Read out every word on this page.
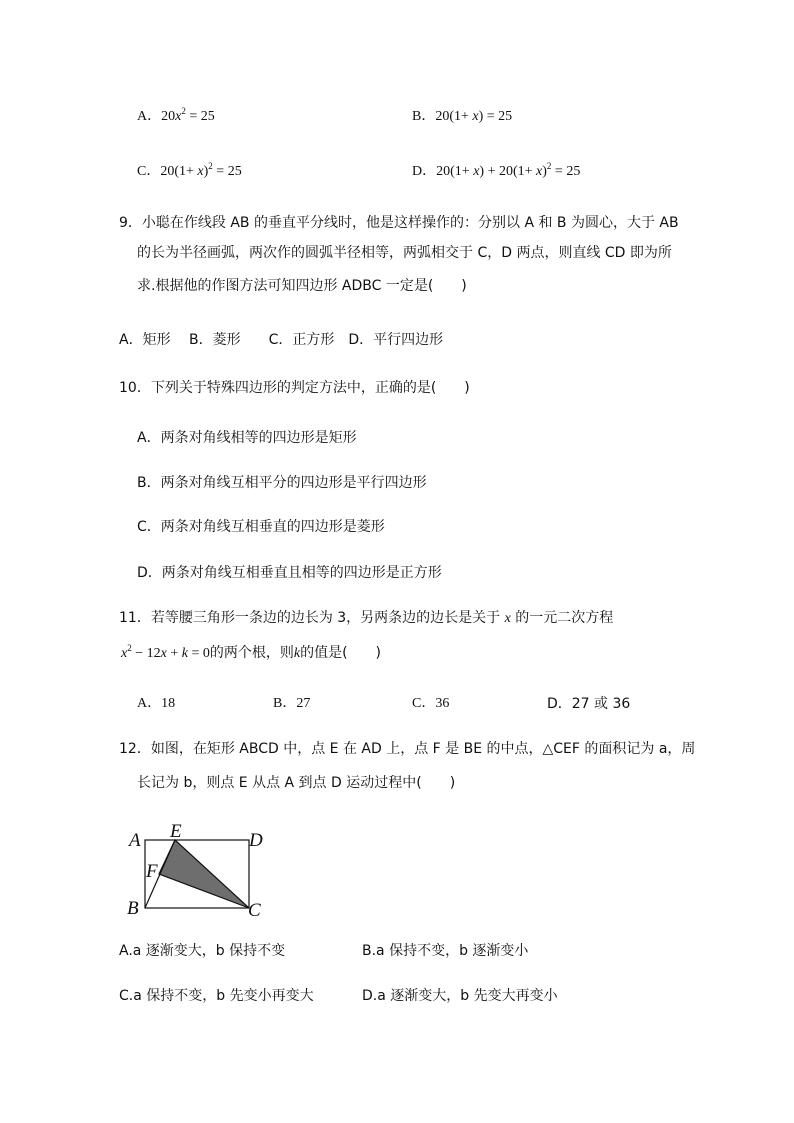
A．$20x^2 = 25$	B．20(1+ x) = 25
C．$20(1+ x)^2 = 25$	D．$20(1+ x) + 20(1+ x)^2 = 25$
9．小聪在作线段 AB 的垂直平分线时，他是这样操作的：分别以 A 和 B 为圆心，大于 AB
的长为半径画弧，两次作的圆弧半径相等，两弧相交于 C，D 两点，则直线 CD 即为所
求.根据他的作图方法可知四边形 ADBC 一定是(　　)
A．矩形　 B．菱形　　C．正方形　D．平行四边形
10．下列关于特殊四边形的判定方法中，正确的是(　　)
A．两条对角线相等的四边形是矩形
B．两条对角线互相平分的四边形是平行四边形
C．两条对角线互相垂直的四边形是菱形
D．两条对角线互相垂直且相等的四边形是正方形
11．若等腰三角形一条边的边长为 3，另两条边的边长是关于 x 的一元二次方程
$x^2 - 12x + k = 0$的两个根，则k的值是(　　)
A．18	B．27	C．36	D．27 或 36
12．如图，在矩形 ABCD 中，点 E 在 AD 上，点 F 是 BE 的中点，△CEF 的面积记为 a，周
长记为 b，则点 E 从点 A 到点 D 运动过程中(　　)
A E	D
F
B	C
A.a 逐渐变大，b 保持不变	B.a 保持不变，b 逐渐变小
C.a 保持不变，b 先变小再变大	D.a 逐渐变大，b 先变大再变小
